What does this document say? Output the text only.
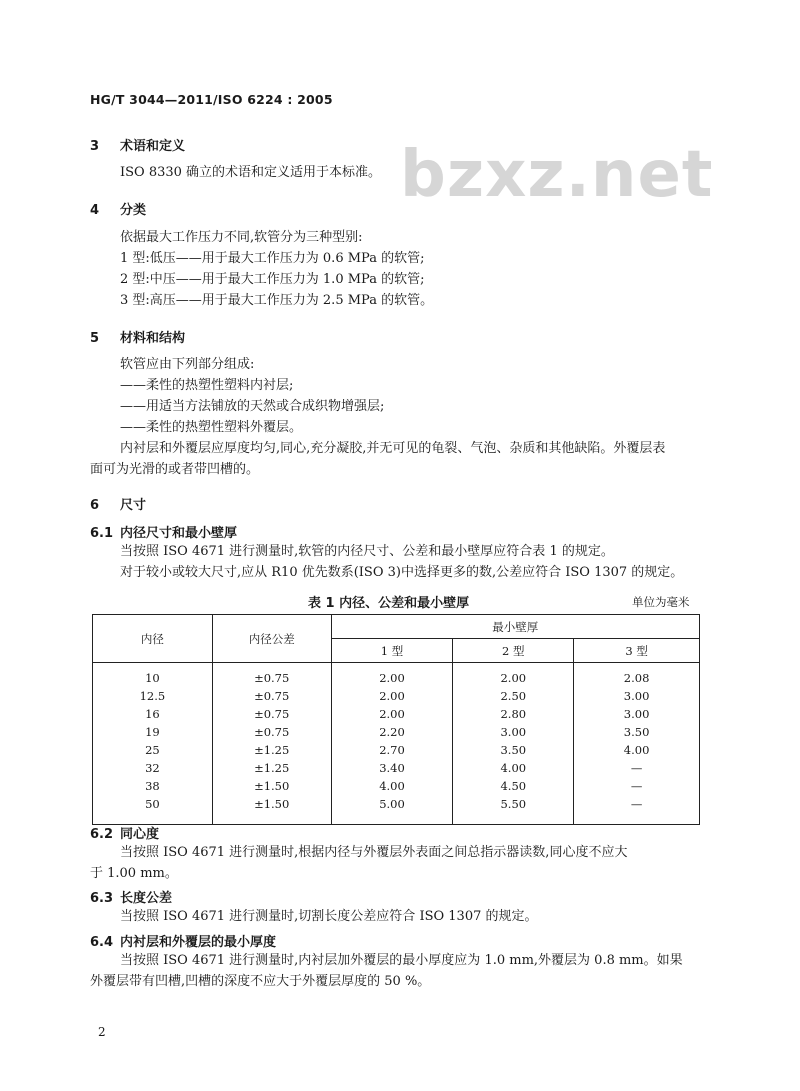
HG/T 3044—2011/ISO 6224 : 2005
bzxz.net
3 术语和定义
ISO 8330 确立的术语和定义适用于本标准。
4 分类
依据最大工作压力不同,软管分为三种型别:
1 型:低压——用于最大工作压力为 0.6 MPa 的软管;
2 型:中压——用于最大工作压力为 1.0 MPa 的软管;
3 型:高压——用于最大工作压力为 2.5 MPa 的软管。
5 材料和结构
软管应由下列部分组成:
——柔性的热塑性塑料内衬层;
——用适当方法铺放的天然或合成织物增强层;
——柔性的热塑性塑料外覆层。
内衬层和外覆层应厚度均匀,同心,充分凝胶,并无可见的龟裂、气泡、杂质和其他缺陷。外覆层表
面可为光滑的或者带凹槽的。
6 尺寸
6.1 内径尺寸和最小壁厚
当按照 ISO 4671 进行测量时,软管的内径尺寸、公差和最小壁厚应符合表 1 的规定。
对于较小或较大尺寸,应从 R10 优先数系(ISO 3)中选择更多的数,公差应符合 ISO 1307 的规定。
表 1 内径、公差和最小壁厚	单位为毫米
内径	内径公差	最小壁厚		
		1 型	2 型	3 型

10	±0.75	2.00	2.00	2.08
12.5	±0.75	2.00	2.50	3.00
16	±0.75	2.00	2.80	3.00
19	±0.75	2.20	3.00	3.50
25	±1.25	2.70	3.50	4.00
32	±1.25	3.40	4.00	—
38	±1.50	4.00	4.50	—
50	±1.50	5.00	5.50	—

6.2 同心度
当按照 ISO 4671 进行测量时,根据内径与外覆层外表面之间总指示器读数,同心度不应大
于 1.00 mm。
6.3 长度公差
当按照 ISO 4671 进行测量时,切割长度公差应符合 ISO 1307 的规定。
6.4 内衬层和外覆层的最小厚度
当按照 ISO 4671 进行测量时,内衬层加外覆层的最小厚度应为 1.0 mm,外覆层为 0.8 mm。如果
外覆层带有凹槽,凹槽的深度不应大于外覆层厚度的 50 %。
2
